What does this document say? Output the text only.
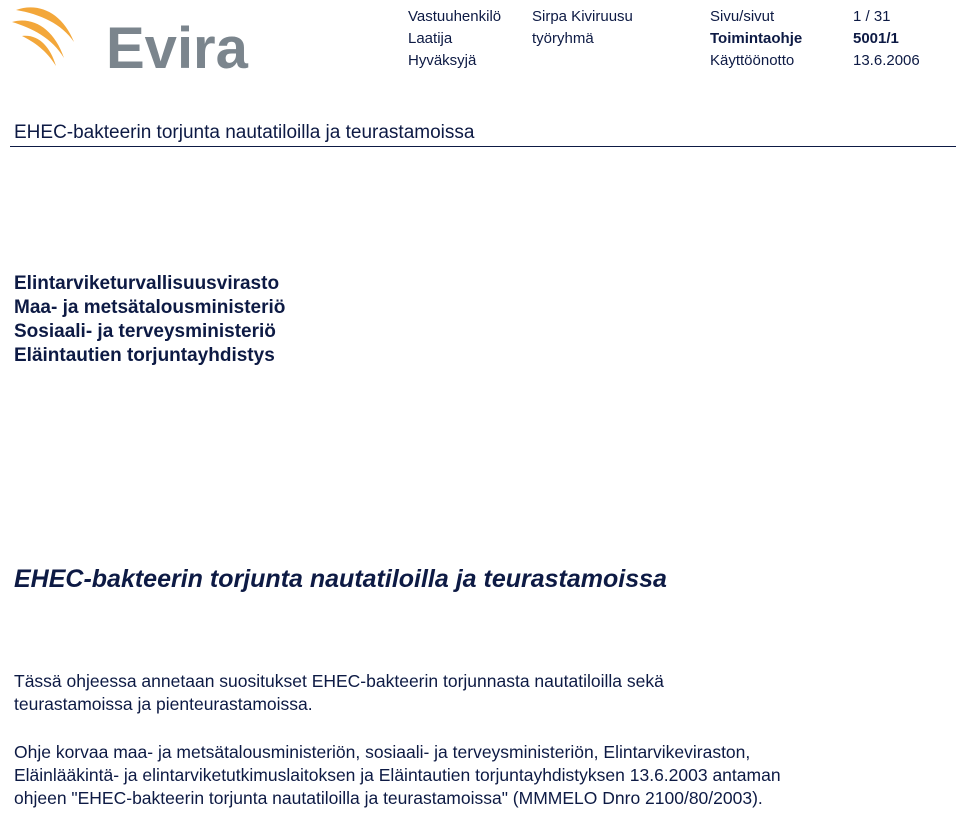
Evira	Vastuuhenkilö
Laatija
Hyväksyjä
Sirpa Kiviruusu
työryhmä
Sivu/sivut
Toimintaohje
Käyttöönotto
1 / 31
5001/1
13.6.2006
EHEC-bakteerin torjunta nautatiloilla ja teurastamoissa
Elintarviketurvallisuusvirasto
Maa- ja metsätalousministeriö
Sosiaali- ja terveysministeriö
Eläintautien torjuntayhdistys
EHEC-bakteerin torjunta nautatiloilla ja teurastamoissa
Tässä ohjeessa annetaan suositukset EHEC-bakteerin torjunnasta nautatiloilla sekä
teurastamoissa ja pienteurastamoissa.
Ohje korvaa maa- ja metsätalousministeriön, sosiaali- ja terveysministeriön, Elintarvikeviraston,
Eläinlääkintä- ja elintarviketutkimuslaitoksen ja Eläintautien torjuntayhdistyksen 13.6.2003 antaman
ohjeen "EHEC-bakteerin torjunta nautatiloilla ja teurastamoissa" (MMMELO Dnro 2100/80/2003).
